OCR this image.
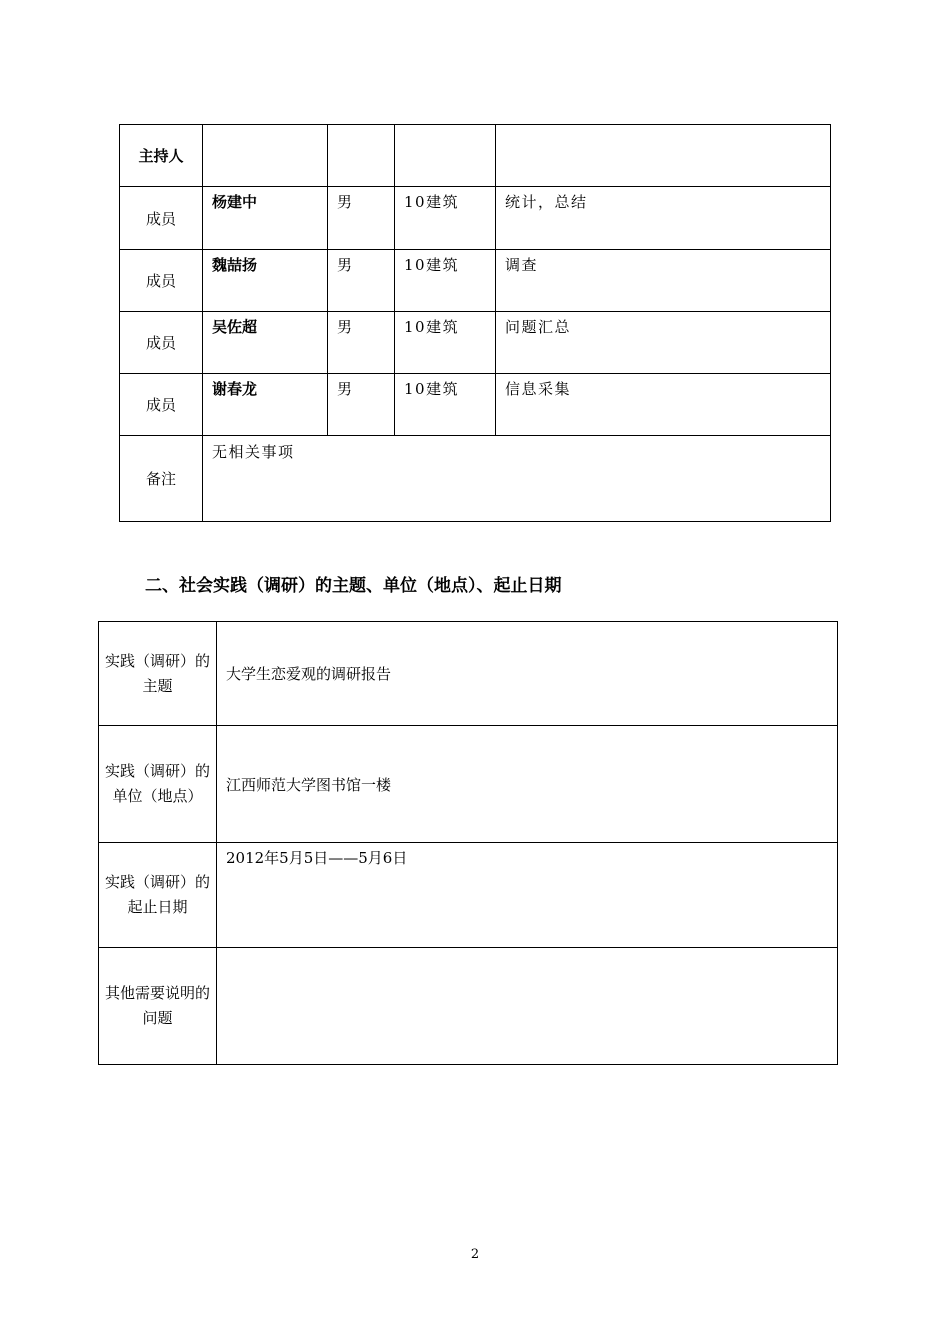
主持人				
成员	杨建中	男	10建筑	统计，总结
成员	魏喆扬	男	10建筑	调查
成员	吴佐超	男	10建筑	问题汇总
成员	谢春龙	男	10建筑	信息采集
备注	无相关事项			

二、社会实践（调研）的主题、单位（地点）、起止日期

实践（调研）的主题	大学生恋爱观的调研报告
实践（调研）的单位（地点）	江西师范大学图书馆一楼
实践（调研）的起止日期	2012年5月5日——5月6日
其他需要说明的问题	

2
